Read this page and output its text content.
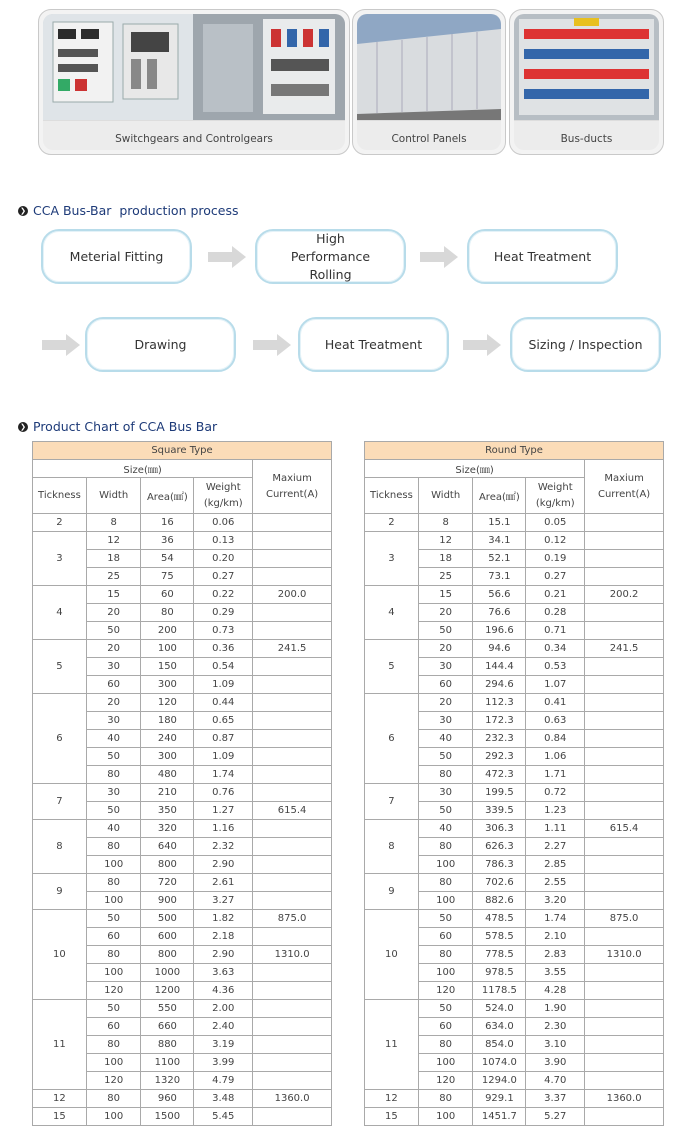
Switchgears and Controlgears	Control Panels	Bus-ducts
❯ CCA Bus-Bar  production process
Meterial Fitting
High Performance Rolling
Heat Treatment
Drawing	Heat Treatment	Sizing / Inspection
❯ Product Chart of CCA Bus Bar
Square Type				
Size(㎜)				Maxium Current(A)
Tickness	Width	Area(㎟)	Weight (kg/km)	
2	8	16	0.06	
3	12	36	0.13	
	18	54	0.20	
	25	75	0.27	
4	15	60	0.22	200.0
	20	80	0.29	
	50	200	0.73	
5	20	100	0.36	241.5
	30	150	0.54	
	60	300	1.09	
6	20	120	0.44	
	30	180	0.65	
	40	240	0.87	
	50	300	1.09	
	80	480	1.74	
7	30	210	0.76	
	50	350	1.27	615.4
8	40	320	1.16	
	80	640	2.32	
	100	800	2.90	
9	80	720	2.61	
	100	900	3.27	
10	50	500	1.82	875.0
	60	600	2.18	
	80	800	2.90	1310.0
	100	1000	3.63	
	120	1200	4.36	
11	50	550	2.00	
	60	660	2.40	
	80	880	3.19	
	100	1100	3.99	
	120	1320	4.79	
12	80	960	3.48	1360.0
15	100	1500	5.45	
Round Type				
Size(㎜)				Maxium Current(A)
Tickness	Width	Area(㎟)	Weight (kg/km)	
2	8	15.1	0.05	
3	12	34.1	0.12	
	18	52.1	0.19	
	25	73.1	0.27	
4	15	56.6	0.21	200.2
	20	76.6	0.28	
	50	196.6	0.71	
5	20	94.6	0.34	241.5
	30	144.4	0.53	
	60	294.6	1.07	
6	20	112.3	0.41	
	30	172.3	0.63	
	40	232.3	0.84	
	50	292.3	1.06	
	80	472.3	1.71	
7	30	199.5	0.72	
	50	339.5	1.23	
8	40	306.3	1.11	615.4
	80	626.3	2.27	
	100	786.3	2.85	
9	80	702.6	2.55	
	100	882.6	3.20	
10	50	478.5	1.74	875.0
	60	578.5	2.10	
	80	778.5	2.83	1310.0
	100	978.5	3.55	
	120	1178.5	4.28	
11	50	524.0	1.90	
	60	634.0	2.30	
	80	854.0	3.10	
	100	1074.0	3.90	
	120	1294.0	4.70	
12	80	929.1	3.37	1360.0
15	100	1451.7	5.27	
